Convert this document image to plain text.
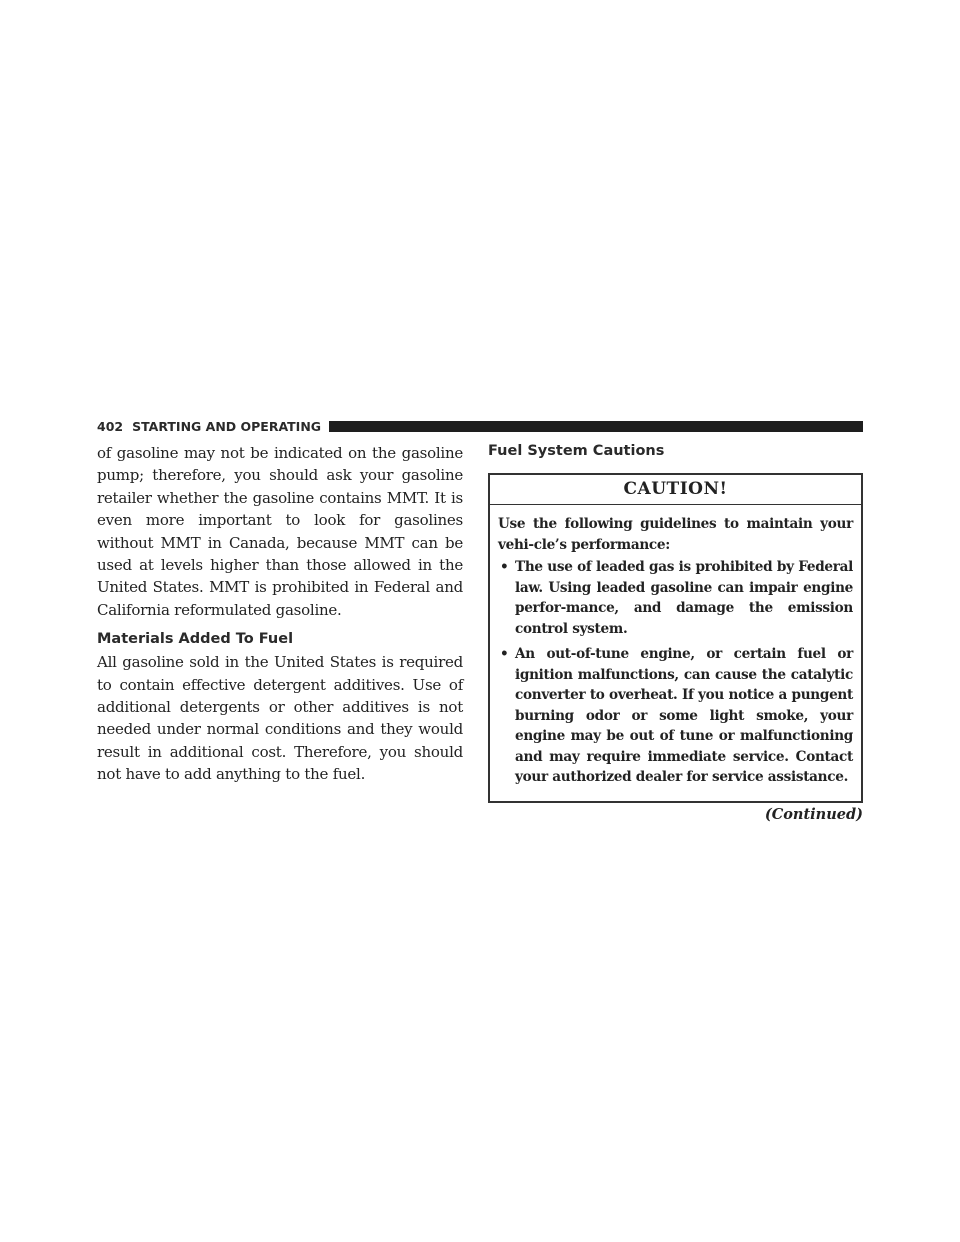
402 STARTING AND OPERATING

of gasoline may not be indicated on the gasoline pump; therefore, you should ask your gasoline retailer whether the gasoline contains MMT. It is even more important to look for gasolines without MMT in Canada, because MMT can be used at levels higher than those allowed in the United States. MMT is prohibited in Federal and California reformulated gasoline.

Materials Added To Fuel

All gasoline sold in the United States is required to contain effective detergent additives. Use of additional detergents or other additives is not needed under normal conditions and they would result in additional cost. Therefore, you should not have to add anything to the fuel.

Fuel System Cautions
CAUTION!

Use the following guidelines to maintain your vehi-cle’s performance:

• The use of leaded gas is prohibited by Federal law. Using leaded gasoline can impair engine perfor-mance, and damage the emission control system.
• An out-of-tune engine, or certain fuel or ignition malfunctions, can cause the catalytic converter to overheat. If you notice a pungent burning odor or some light smoke, your engine may be out of tune or malfunctioning and may require immediate service. Contact your authorized dealer for service assistance.
(Continued)
